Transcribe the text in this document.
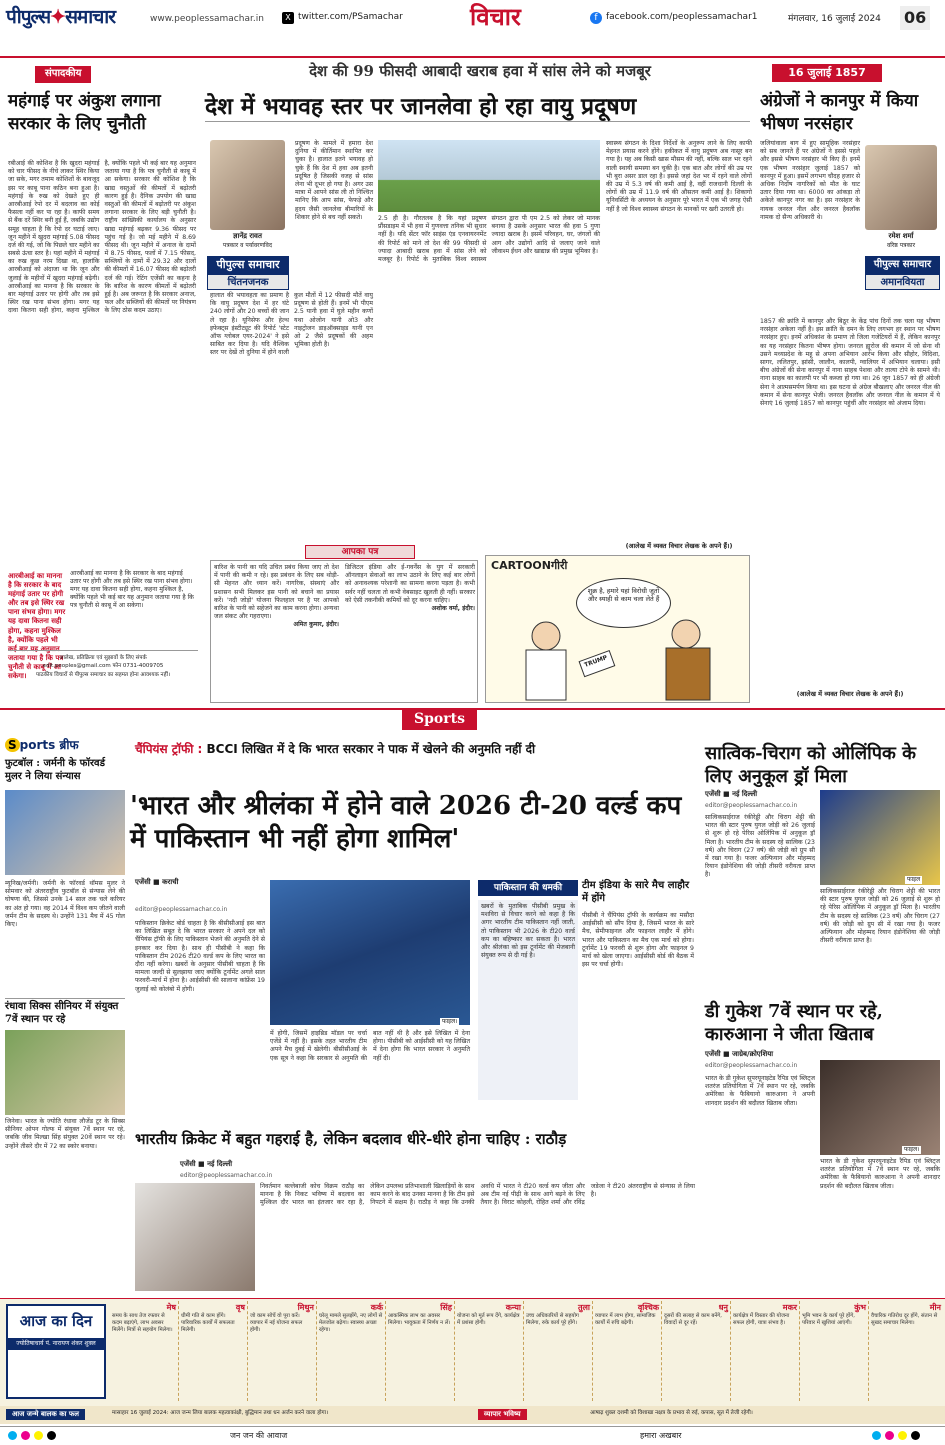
पीपुल्स✦समाचार	www.peoplessamachar.in	X twitter.com/PSamachar	विचार	f facebook.com/peoplessamachar1	मंगलवार, 16 जुलाई 2024 06
संपादकीय
महंगाई पर अंकुश लगाना सरकार के लिए चुनौती
रबीआई की कोशिश है कि खुदरा महंगाई को चार फीसद के नीचे लाकर स्थिर किया जा सके, मगर तमाम कोशिशों के बावजूद इस पर काबू पाना कठिन बना हुआ है। महंगाई के रुख को देखते हुए ही आरबीआई रेपो दर में बदलाव का कोई फैसला नहीं कर पा रहा है। काफी समय से बैंक दरें स्थिर बनी हुई हैं, जबकि उद्योग समूह चाहता है कि रेपो दर घटाई जाए। जून महीने में खुदरा महंगाई 5.08 फीसद दर्ज की गई, जो कि पिछले चार महीने का सबसे ऊंचा स्तर है। यहां महीने में महंगाई का रुख कुछ नरम दिखा था, हालांकि आरबीआई को अंदाजा था कि जून और जुलाई के महीनों में खुदरा महंगाई बढ़ेगी। आरबीआई का मानना है कि सरकार के बार महंगाई उतार पर होगी और तब इसे स्थिर रख पाना संभव होगा। मगर यह दावा कितना सही होगा, कहना मुश्किल है, क्योंकि पहले भी कई बार यह अनुमान जताया गया है कि पत्र चुनौती से काबू में आ सकेगा। सरकार की कोशिश है कि खाद्य वस्तुओं की कीमतों में बढ़ोतरी कारण हुई है। दैनिक उपयोग की खाद्य वस्तुओं की कीमतों में बढ़ोतरी पर अंकुश लगाना सरकार के लिए बड़ी चुनौती है। राष्ट्रीय सांख्यिकी कार्यालय के अनुसार खाद्य महंगाई बढ़कर 9.36 फीसद पर पहुंच गई है। जो मई महीने में 8.69 फीसद थी। जून महीने में अनाज के दामों में 8.75 फीसद, फलों में 7.15 फीसद, सब्जियों के दामों में 29.32 और दालों की कीमतों में 16.07 फीसद की बढ़ोतरी दर्ज की गई। रेटिंग एजेंसी का कहना है कि बारिश के कारण कीमतों में बढ़ोतरी हुई है। अब जरूरत है कि सरकार अनाज, फल और सब्जियों की कीमतों पर नियंत्रण के लिए ठोस कदम उठाए।
आरबीआई का मानना है कि सरकार के बाद महंगाई उतार पर होगी और तब इसे स्थिर रख पाना संभव होगा। मगर यह दावा कितना सही होगा, कहना मुश्किल है, क्योंकि पहले भी कई बार यह अनुमान जताया गया है कि पत्र चुनौती से काबू में आ सकेगा।
आरबीआई का मानना है कि सरकार के बाद महंगाई उतार पर होगी और तब इसे स्थिर रख पाना संभव होगा। मगर यह दावा कितना सही होगा, कहना मुश्किल है, क्योंकि पहले भी कई बार यह अनुमान जताया गया है कि पत्र चुनौती से काबू में आ सकेगा।
आलेख, प्रतिक्रिया एवं सुझावों के लिए संपर्क
edit.peoples@gmail.com फोन 0731-4009705
पाठकीय विचारों से पीपुल्स समाचार का सहमत होना आवश्यक नहीं।
देश की 99 फीसदी आबादी खराब हवा में सांस लेने को मजबूर
देश में भयावह स्तर पर जानलेवा हो रहा वायु प्रदूषण
ज्ञानेंद्र रावत
पत्रकार व पर्यावरणविद
पीपुल्स समाचार
चिंतनजनक
प्रदूषण के मामले में हमारा देश दुनिया में कीर्तिमान स्थापित कर चुका है। हालात इतने भयावह हो चुके हैं कि देश में हवा अब इतनी प्रदूषित है जिसकी वजह से सांस लेना भी दूभर हो गया है। अगर उस मात्रा में आपने सांस ली तो निश्चित मानिए कि आप सांस, फेफड़े और हृदय जैसी जानलेवा बीमारियों के शिकार होने से बच नहीं सकते।
हालात की भयावहता का प्रमाण है कि वायु प्रदूषण देश में हर घंटे 240 लोगों और 20 बच्चों की जान ले रहा है। यूनिसेफ और हेल्थ इफेक्ट्स इंस्टीट्यूट की रिपोर्ट 'स्टेट ऑफ ग्लोबल एयर-2024' ने इसे साबित कर दिया है। यदि वैश्विक स्तर पर देखें तो दुनिया में होने वाली कुल मौतों में 12 फीसदी मौतें वायु प्रदूषण से होती हैं। इनमें भी पीएम 2.5 यानी हवा में घुले महीन कणों यथा ओजोन यानी ओ3 और नाइट्रोजन डाइऑक्साइड यानी एन ओ 2 जैसे प्रदूषकों की अहम भूमिका होती है।
2.5 ही है। गौरतलब है कि यहां प्रदूषण प्रौंसडाइम में भी हवा में गुणवत्ता तनिक भी सुधार नहीं है। यदि सेंटर फॉर साइंस एंड एनवायरनमेंट की रिपोर्ट को माने तो देश की 99 फीसदी से ज्यादा आबादी खराब हवा में सांस लेने को मजबूर है। रिपोर्ट के मुताबिक विश्व स्वास्थ्य संगठन द्वारा पी एम 2.5 को लेकर जो मानक बनाया है उसके अनुसार भारत की हवा 5 गुणा ज्यादा खराब है। इसमें परिवहन, घर, जंगलों की आग और उद्योगों आदि से जलाए जाने वाले जीवाश्म ईंधन और खाद्यान्न की प्रमुख भूमिका है।
स्वास्थ्य संगठन के दिशा निर्देशों के अनुरूप लाने के लिए काफी मेहनत प्रयास करने होंगे। हकीकत में वायु प्रदूषण अब नासूर बन गया है। यह अब किसी खास मौसम की नहीं, बल्कि साल भर रहने वाली स्थायी समस्या बन चुकी है। एक बात और लोगों की उम्र पर भी बुरा असर डाल रहा है। इससे जहां देश भर में रहने वाले लोगों की उम्र में 5.3 वर्ष की कमी आई है, वहीं राजधानी दिल्ली के लोगों की उम्र में 11.9 वर्ष की औसतन कमी आई है। शिकागो यूनिवर्सिटी के अध्ययन के अनुसार पूरे भारत में एक भी जगह ऐसी नहीं है जो विश्व स्वास्थ्य संगठन के मानकों पर खरी उतरती हो।
(आलेख में व्यक्त विचार लेखक के अपने हैं।)
आपका पत्र
बारिश के पानी का यदि उचित प्रबंध किया जाए तो देश में पानी की कमी न रहे। इस प्रबंधन के लिए सब थोड़ी-सी मेहनत और ध्यान करें। नागरिक, संस्थाएं और प्रशासन सभी मिलकर इस पानी को बचाने का प्रयास करें। 'नदी जोड़ो' योजना फिलहाल पर है पर आपको बारिश के पानी को सहेजने का काम करना होगा। अन्यथा जल संकट और गहराएगा।
अमित कुमार, इंदौर।
डिजिटल इंडिया और ई-गवर्नेंस के युग में सरकारी ऑनलाइन सेवाओं का लाभ उठाने के लिए कई बार लोगों को अनावश्यक परेशानी का सामना करना पड़ता है। कभी सर्वर नहीं चलता तो कभी वेबसाइट खुलती ही नहीं। सरकार को ऐसी तकनीकी कमियों को दूर करना चाहिए।
अशोक वर्मा, इंदौर।
CARTOONगीरी
शुक्र है, हमारे यहां विरोधी जूतों और स्याही से काम चला लेते हैं
TRUMP
16 जुलाई 1857
अंग्रेजों ने कानपुर में किया भीषण नरसंहार
जलियांवाला बाग में हुए सामूहिक नरसंहार को सब जानते हैं पर अंग्रेजों ने इससे पहले और इससे भीषण नरसंहार भी किए हैं। इनमें एक भीषण नरसंहार जुलाई 1857 को कानपुर में हुआ। इसमें लगभग चौदह हजार से अधिक निर्दोष नागरिकों को मौत के घाट उतार दिया गया था। 6000 का आंकड़ा तो अकेले कानपुर नगर का है। इस नरसंहार के नायक जनरल नील और जनरल हैवलॉक नामक दो सैन्य अधिकारी थे।
रमेश शर्मा
वरिष्ठ पत्रकार
पीपुल्स समाचार
अमानवियता
1857 की क्रांति में कानपुर और बिठूर के केंद्र पांच दिनों तक चला यह भीषण नरसंहार अकेला नहीं है। इस क्रांति के दमन के लिए लगभग हर स्थान पर भीषण नरसंहार हुए। इनमें अधिकांश के प्रमाण तो जिला गजेटियरों में हैं, लेकिन कानपुर का यह नरसंहार कितना भीषण होगा। जनरल ह्यूरोज की कमान में जो सेना थी उसने मध्यप्रदेश के महू से अपना अभियान आरंभ किया और सीहोर, विदिशा, सागर, ललितपुर, झांसी, जालौन, कालपी, ग्वालियर में अभियान चलाया। इसी बीच अंग्रेजों की सेना कानपुर में नाना साहब पेशवा और तात्या टोपे के सामने थी। नाना साहब का कालपी पर भी कब्जा हो गया था। 26 जून 1857 को ही अंग्रेजी सेना ने आत्मसमर्पण किया था। इस घटना से अंग्रेज बौखलाए और जनरल नील की कमान में सेना कानपुर भेजी। जनरल हैवलॉक और जनरल नील के कमान में ये सेनाएं 16 जुलाई 1857 को कानपुर पहुंचीं और नरसंहार को अंजाम दिया।
(आलेख में व्यक्त विचार लेखक के अपने हैं।)
Sports
S ports ब्रीफ
फुटबॉल : जर्मनी के फॉरवर्ड मुलर ने लिया संन्यास
म्यूनिख/जर्मनी। जर्मनी के फॉरवर्ड थॉमस मुलर ने सोमवार को अंतरराष्ट्रीय फुटबॉल से संन्यास लेने की घोषणा की, जिससे उनके 14 साल तक चले करियर का अंत हो गया। वह 2014 में विश्व कप जीतने वाली जर्मन टीम के सदस्य थे। उन्होंने 131 मैच में 45 गोल किए।
रंधावा सिक्स सीनियर में संयुक्त 7वें स्थान पर रहे
जिनेवा। भारत के ज्योति रंधावा लौजेंड टूर के सिक्स सीनियर ओपन गोल्फ में संयुक्त 7वें स्थान पर रहे, जबकि जीव मिल्खा सिंह संयुक्त 20वें स्थान पर रहे। उन्होंने तीसरे दौर में 72 का स्कोर बनाया।
चैंपियंस ट्रॉफी : BCCI लिखित में दे कि भारत सरकार ने पाक में खेलने की अनुमति नहीं दी
'भारत और श्रीलंका में होने वाले 2026 टी-20 वर्ल्ड कप में पाकिस्तान भी नहीं होगा शामिल'
एजेंसी ■ कराची
editor@peoplessamachar.co.in
पाकिस्तान क्रिकेट बोर्ड चाहता है कि बीसीसीआई इस बात का लिखित सबूत दे कि भारत सरकार ने अपने दल को चैंपियंस ट्रॉफी के लिए पाकिस्तान भेजने की अनुमति देने से इनकार कर दिया है। साथ ही पीसीबी ने कहा कि पाकिस्तान टीम 2026 टी20 वर्ल्ड कप के लिए भारत का दौरा नहीं करेगा। खबरों के अनुसार पीसीबी चाहता है कि मामला जल्दी से सुलझाया जाए क्योंकि टूर्नामेंट अगले साल फरवरी-मार्च में होना है। आईसीसी की सालाना कांफ्रेंस 19 जुलाई को कोलंबो में होगी।
फाइल।
में होगी, जिसमें हाइब्रिड मॉडल पर चर्चा एजेंडे में नहीं है। इसके तहत भारतीय टीम अपने मैच दुबई में खेलेगी। बीसीसीआई के एक सूत्र ने कहा कि सरकार से अनुमति की बात नहीं थी है और इसे लिखित में देना होगा। पीसीबी को आईसीसी को यह लिखित में देना होगा कि भारत सरकार ने अनुमति नहीं दी।
पाकिस्तान की धमकी
खबरों के मुताबिक पीसीबी प्रमुख के मशविरा से विचार करने को कहा है कि अगर भारतीय टीम पाकिस्तान नहीं जाती, तो पाकिस्तान भी 2026 के टी20 वर्ल्ड कप का बहिष्कार कर सकता है। भारत और श्रीलंका को इस टूर्नामेंट की मेजबानी संयुक्त रूप से दी गई है।
टीम इंडिया के सारे मैच लाहौर में होंगे
पीसीबी ने चैंपियंस ट्रॉफी के कार्यक्रम का मसौदा आईसीसी को सौंप दिया है, जिसमें भारत के सारे मैच, सेमीफाइनल और फाइनल लाहौर में होंगे। भारत और पाकिस्तान का मैच एक मार्च को होगा। टूर्नामेंट 19 फरवरी से शुरू होगा और फाइनल 9 मार्च को खेला जाएगा। आईसीसी बोर्ड की बैठक में इस पर चर्चा होगी।
सात्विक-चिराग को ओलिंपिक के लिए अनुकूल ड्रॉ मिला
एजेंसी ■ नई दिल्ली
editor@peoplessamachar.co.in
सात्विकसाईराज रंकीरेड्डी और चिराग शेट्टी की भारत की स्टार पुरुष युगल जोड़ी को 26 जुलाई से शुरू हो रहे पेरिस ओलिंपिक में अनुकूल ड्रॉ मिला है। भारतीय टीम के सदस्य रहे सात्विक (23 वर्ष) और चिराग (27 वर्ष) की जोड़ी को ग्रुप सी में रखा गया है। फजर अल्फियान और मोहम्मद रियान इंडोनेशिया की जोड़ी तीसरी वरीयता प्राप्त है।
फाइल
सात्विकसाईराज रंकीरेड्डी और चिराग शेट्टी की भारत की स्टार पुरुष युगल जोड़ी को 26 जुलाई से शुरू हो रहे पेरिस ओलिंपिक में अनुकूल ड्रॉ मिला है। भारतीय टीम के सदस्य रहे सात्विक (23 वर्ष) और चिराग (27 वर्ष) की जोड़ी को ग्रुप सी में रखा गया है। फजर अल्फियान और मोहम्मद रियान इंडोनेशिया की जोड़ी तीसरी वरीयता प्राप्त है।
डी गुकेश 7वें स्थान पर रहे, कारुआना ने जीता खिताब
एजेंसी ■ जाग्रेब/क्रोएशिया
editor@peoplessamachar.co.in
भारत के डी गुकेश सुपरयूनाइटेड रैपिड एवं ब्लिट्ज शतरंज प्रतियोगिता में 7वें स्थान पर रहे, जबकि अमेरिका के फैबियानो कारुआना ने अपनी शानदार प्रदर्शन की बदौलत खिताब जीता।
फाइल।
भारत के डी गुकेश सुपरयूनाइटेड रैपिड एवं ब्लिट्ज शतरंज प्रतियोगिता में 7वें स्थान पर रहे, जबकि अमेरिका के फैबियानो कारुआना ने अपनी शानदार प्रदर्शन की बदौलत खिताब जीता।
भारतीय क्रिकेट में बहुत गहराई है, लेकिन बदलाव धीरे-धीरे होना चाहिए : राठौड़
एजेंसी ■ नई दिल्ली
editor@peoplessamachar.co.in
निवर्तमान बल्लेबाजी कोच विक्रम राठौड़ का मानना है कि निकट भविष्य में बदलाव का मुश्किल दौर भारत का इंतजार कर रहा है, लेकिन उपलब्ध प्रतिभाशाली खिलाड़ियों के साथ काम करने के बाद उनका मानना है कि टीम इसे निपटने में सक्षम है। राठौड़ ने कहा कि उनकी अवधि में भारत ने टी20 वर्ल्ड कप जीता और अब टीम नई पीढ़ी के साथ आगे बढ़ने के लिए तैयार है। विराट कोहली, रोहित शर्मा और रविंद्र जडेजा ने टी20 अंतरराष्ट्रीय से संन्यास ले लिया है।
मेष
समय के साथ तेज रफ्तार से कदम बढ़ाएंगे, लाभ अवसर मिलेंगे। मित्रों से सहयोग मिलेगा।
वृष
धीमी गति से काम होंगे। पारिवारिक कार्यों में सफलता मिलेगी।
मिथुन
जो काम सोचें वो पूरा करें। व्यापार में नई योजना सफल होगी।
कर्क
घरेलू मामले सुलझेंगे, नए लोगों से मेलजोल बढ़ेगा। स्वास्थ्य अच्छा रहेगा।
सिंह
आकस्मिक लाभ का अवसर मिलेगा। भावुकता में निर्णय न लें।
कन्या
योजना को मूर्त रूप देंगे, कार्यक्षेत्र में प्रशंसा होगी।
तुला
उच्च अधिकारियों से सहयोग मिलेगा, रुके कार्य पूरे होंगे।
वृश्चिक
व्यापार में लाभ होगा, सामाजिक कार्यों में रुचि बढ़ेगी।
धनु
दूसरों की सलाह से काम बनेंगे, विवादों से दूर रहें।
मकर
कार्यक्षेत्र में विस्तार की योजना सफल होगी, यात्रा संभव है।
कुंभ
भूमि भवन के कार्य पूरे होंगे, परिवार में खुशियां आएंगी।
मीन
वैचारिक गतिरोध दूर होंगे, संतान से सुखद समाचार मिलेगा।
आज का दिन
ज्योतिषाचार्य पं. नारायण शंकर शुक्ल
आज जन्मे बालक का फल	मासाहार 16 जुलाई 2024: आज जन्म लिया बालक महत्वाकांक्षी, बुद्धिमान तथा धन अर्जन करने वाला होगा।	व्यापार भविष्य	आषाढ़ शुक्ल दशमी को विशाखा नक्षत्र के प्रभाव से रुई, कपास, सूत में तेजी रहेगी।
जन जन की आवाज	हमारा अखबार
